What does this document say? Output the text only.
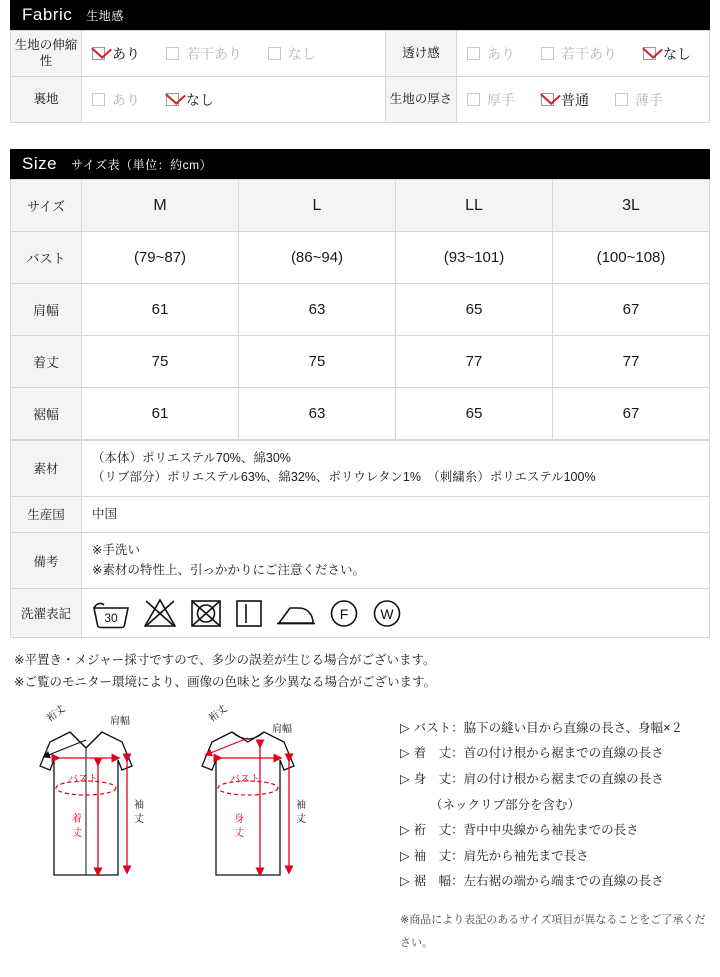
Fabric 生地感
生地の伸縮性	あり 若干あり なし	透け感	あり 若干あり なし

裏地	あり なし	生地の厚さ	厚手 普通 薄手
Size サイズ表（単位：約cm）
サイズ	M	L	LL	3L
バスト	(79~87)	(86~94)	(93~101)	(100~108)
肩幅	61	63	65	67
着丈	75	75	77	77
裾幅	61	63	65	67
素材	（本体）ポリエステル70%、綿30%
（リブ部分）ポリエステル63%、綿32%、ポリウレタン1%　（刺繍糸）ポリエステル100%

生産国	中国
備考	※手洗い
※素材の特性上、引っかかりにご注意ください。

洗濯表記	30 F W
※平置き・メジャー採寸ですので、多少の誤差が生じる場合がございます。
※ご覧のモニター環境により、画像の色味と多少異なる場合がございます。
裄丈	肩幅
バスト
着
丈
袖
丈
裄丈
肩幅
バスト
身
丈
袖
丈
▷ バスト：脇下の縫い目から直線の長さ、身幅×２
▷ 着　丈：首の付け根から裾までの直線の長さ
▷ 身　丈：肩の付け根から裾までの直線の長さ
（ネックリブ部分を含む）
▷ 裄　丈：背中中央線から袖先までの長さ
▷ 袖　丈：肩先から袖先まで長さ
▷ 裾　幅：左右裾の端から端までの直線の長さ
※商品により表記のあるサイズ項目が異なることをご了承ください。
